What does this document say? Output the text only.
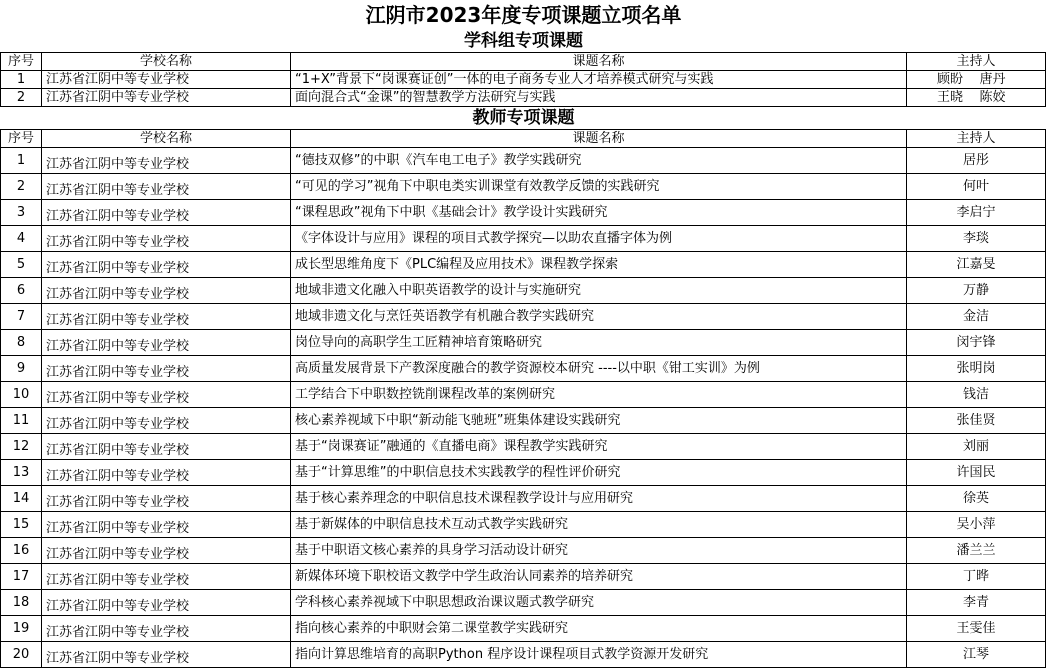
江阴市2023年度专项课题立项名单
学科组专项课题
序号	学校名称	课题名称	主持人
1	江苏省江阴中等专业学校	“1+X”背景下“岗课赛证创”一体的电子商务专业人才培养模式研究与实践	顾盼    唐丹
2	江苏省江阴中等专业学校	面向混合式“金课”的智慧教学方法研究与实践	王晓    陈姣
教师专项课题
序号	学校名称	课题名称	主持人
1	江苏省江阴中等专业学校	“德技双修”的中职《汽车电工电子》教学实践研究	居彤
2	江苏省江阴中等专业学校	“可见的学习”视角下中职电类实训课堂有效教学反馈的实践研究	何叶
3	江苏省江阴中等专业学校	“课程思政”视角下中职《基础会计》教学设计实践研究	李启宁
4	江苏省江阴中等专业学校	《字体设计与应用》课程的项目式教学探究—以助农直播字体为例	李琰
5	江苏省江阴中等专业学校	成长型思维角度下《PLC编程及应用技术》课程教学探索	江嘉旻
6	江苏省江阴中等专业学校	地域非遗文化融入中职英语教学的设计与实施研究	万静
7	江苏省江阴中等专业学校	地域非遗文化与烹饪英语教学有机融合教学实践研究	金洁
8	江苏省江阴中等专业学校	岗位导向的高职学生工匠精神培育策略研究	闵宇锋
9	江苏省江阴中等专业学校	高质量发展背景下产教深度融合的教学资源校本研究 ----以中职《钳工实训》为例	张明岗
10	江苏省江阴中等专业学校	工学结合下中职数控铣削课程改革的案例研究	钱洁
11	江苏省江阴中等专业学校	核心素养视域下中职“新动能飞驰班”班集体建设实践研究	张佳贤
12	江苏省江阴中等专业学校	基于“岗课赛证”融通的《直播电商》课程教学实践研究	刘丽
13	江苏省江阴中等专业学校	基于“计算思维”的中职信息技术实践教学的程性评价研究	许国民
14	江苏省江阴中等专业学校	基于核心素养理念的中职信息技术课程教学设计与应用研究	徐英
15	江苏省江阴中等专业学校	基于新媒体的中职信息技术互动式教学实践研究	吴小萍
16	江苏省江阴中等专业学校	基于中职语文核心素养的具身学习活动设计研究	潘兰兰
17	江苏省江阴中等专业学校	新媒体环境下职校语文教学中学生政治认同素养的培养研究	丁晔
18	江苏省江阴中等专业学校	学科核心素养视域下中职思想政治课议题式教学研究	李青
19	江苏省江阴中等专业学校	指向核心素养的中职财会第二课堂教学实践研究	王雯佳
20	江苏省江阴中等专业学校	指向计算思维培育的高职Python 程序设计课程项目式教学资源开发研究	江琴
